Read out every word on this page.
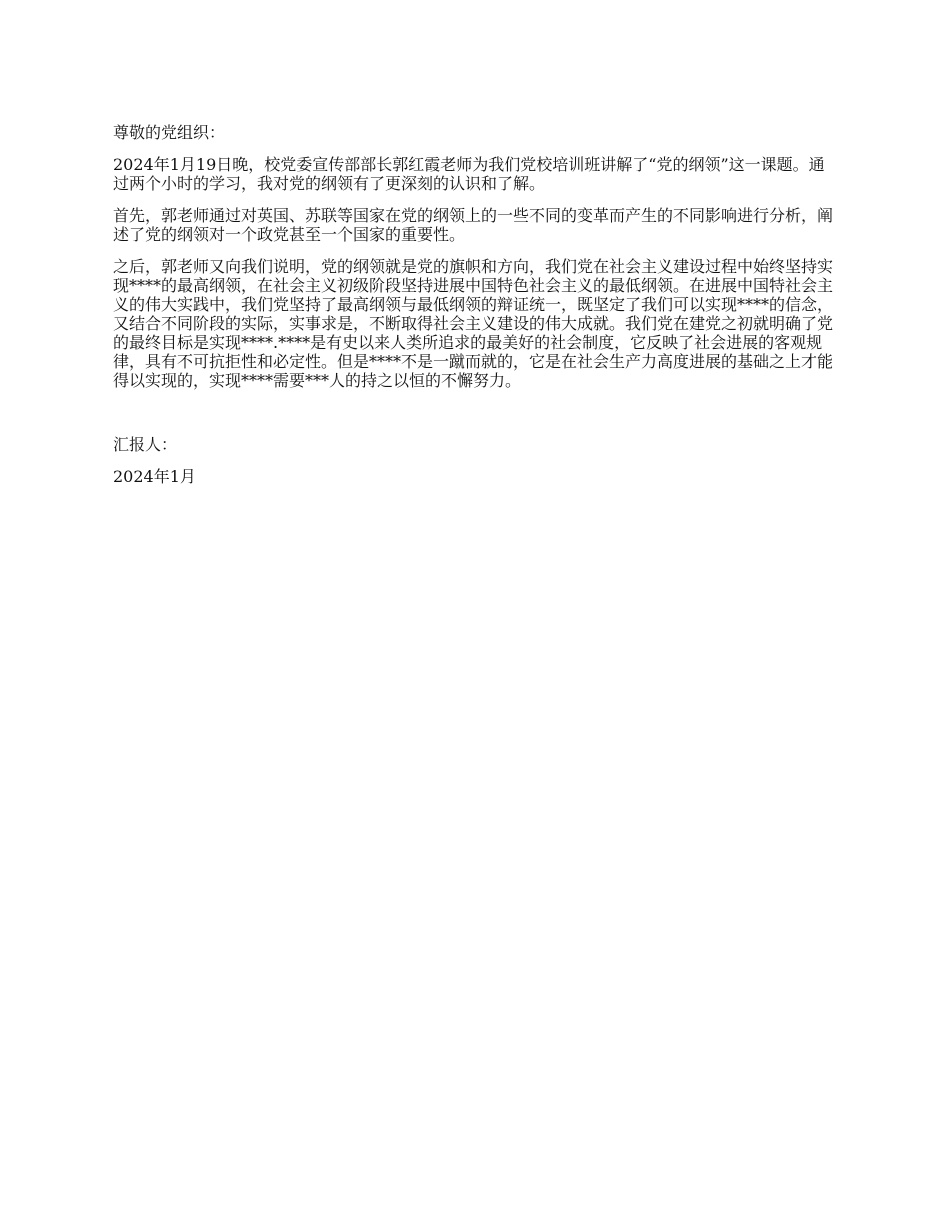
尊敬的党组织：

2024年1月19日晚，校党委宣传部部长郭红霞老师为我们党校培训班讲解了“党的纲领”这一课题。通过两个小时的学习，我对党的纲领有了更深刻的认识和了解。

首先，郭老师通过对英国、苏联等国家在党的纲领上的一些不同的变革而产生的不同影响进行分析，阐述了党的纲领对一个政党甚至一个国家的重要性。

之后，郭老师又向我们说明，党的纲领就是党的旗帜和方向，我们党在社会主义建设过程中始终坚持实现****的最高纲领，在社会主义初级阶段坚持进展中国特色社会主义的最低纲领。在进展中国特社会主义的伟大实践中，我们党坚持了最高纲领与最低纲领的辩证统一，既坚定了我们可以实现****的信念，又结合不同阶段的实际，实事求是，不断取得社会主义建设的伟大成就。我们党在建党之初就明确了党的最终目标是实现****.****是有史以来人类所追求的最美好的社会制度，它反映了社会进展的客观规律，具有不可抗拒性和必定性。但是****不是一蹴而就的，它是在社会生产力高度进展的基础之上才能得以实现的，实现****需要***人的持之以恒的不懈努力。

汇报人：

2024年1月
